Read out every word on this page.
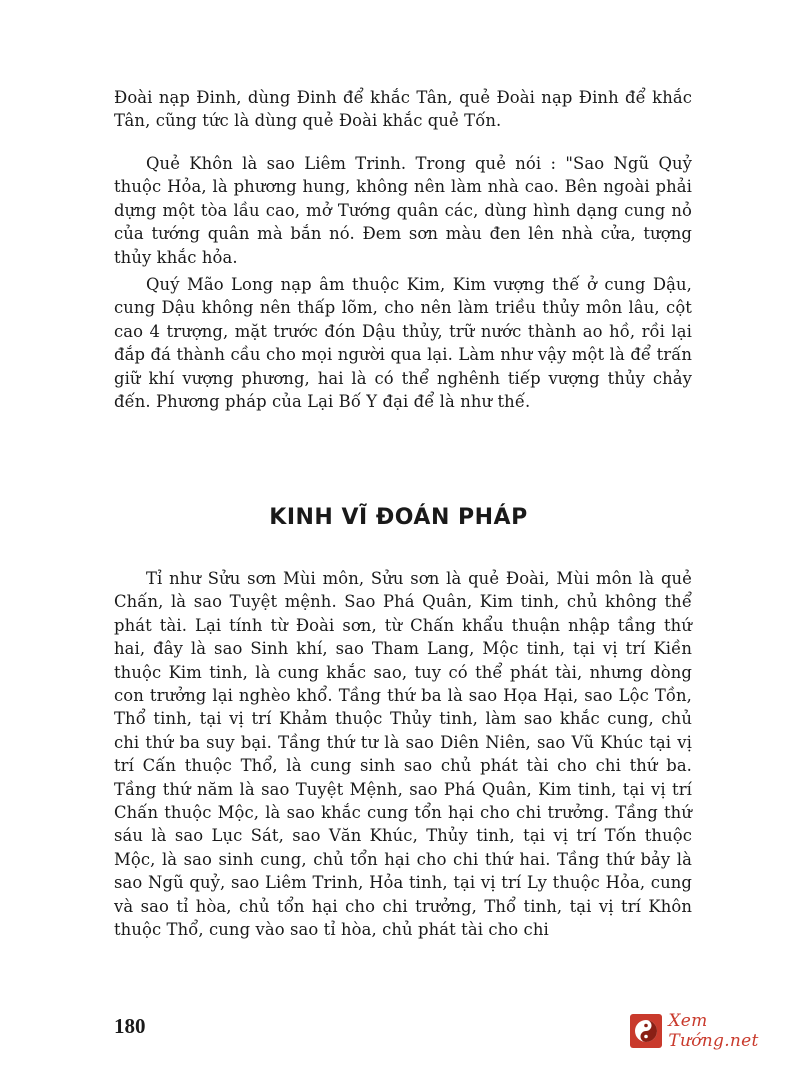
Đoài nạp Đinh, dùng Đinh để khắc Tân, quẻ Đoài nạp Đinh để khắc Tân, cũng tức là dùng quẻ Đoài khắc quẻ Tốn.

Quẻ Khôn là sao Liêm Trinh. Trong quẻ nói : "Sao Ngũ Quỷ thuộc Hỏa, là phương hung, không nên làm nhà cao. Bên ngoài phải dựng một tòa lầu cao, mở Tướng quân các, dùng hình dạng cung nỏ của tướng quân mà bắn nó. Đem sơn màu đen lên nhà cửa, tượng thủy khắc hỏa.

Quý Mão Long nạp âm thuộc Kim, Kim vượng thế ở cung Dậu, cung Dậu không nên thấp lõm, cho nên làm triều thủy môn lâu, cột cao 4 trượng, mặt trước đón Dậu thủy, trữ nước thành ao hồ, rồi lại đắp đá thành cầu cho mọi người qua lại. Làm như vậy một là để trấn giữ khí vượng phương, hai là có thể nghênh tiếp vượng thủy chảy đến. Phương pháp của Lại Bố Y đại để là như thế.

KINH VĨ ĐOÁN PHÁP

Tỉ như Sửu sơn Mùi môn, Sửu sơn là quẻ Đoài, Mùi môn là quẻ Chấn, là sao Tuyệt mệnh. Sao Phá Quân, Kim tinh, chủ không thể phát tài. Lại tính từ Đoài sơn, từ Chấn khẩu thuận nhập tầng thứ hai, đây là sao Sinh khí, sao Tham Lang, Mộc tinh, tại vị trí Kiền thuộc Kim tinh, là cung khắc sao, tuy có thể phát tài, nhưng dòng con trưởng lại nghèo khổ. Tầng thứ ba là sao Họa Hại, sao Lộc Tồn, Thổ tinh, tại vị trí Khảm thuộc Thủy tinh, làm sao khắc cung, chủ chi thứ ba suy bại. Tầng thứ tư là sao Diên Niên, sao Vũ Khúc tại vị trí Cấn thuộc Thổ, là cung sinh sao chủ phát tài cho chi thứ ba. Tầng thứ năm là sao Tuyệt Mệnh, sao Phá Quân, Kim tinh, tại vị trí Chấn thuộc Mộc, là sao khắc cung tổn hại cho chi trưởng. Tầng thứ sáu là sao Lục Sát, sao Văn Khúc, Thủy tinh, tại vị trí Tốn thuộc Mộc, là sao sinh cung, chủ tổn hại cho chi thứ hai. Tầng thứ bảy là sao Ngũ quỷ, sao Liêm Trinh, Hỏa tinh, tại vị trí Ly thuộc Hỏa, cung và sao tỉ hòa, chủ tổn hại cho chi trưởng, Thổ tinh, tại vị trí Khôn thuộc Thổ, cung vào sao tỉ hòa, chủ phát tài cho chi

180	Xem Tướng.net
